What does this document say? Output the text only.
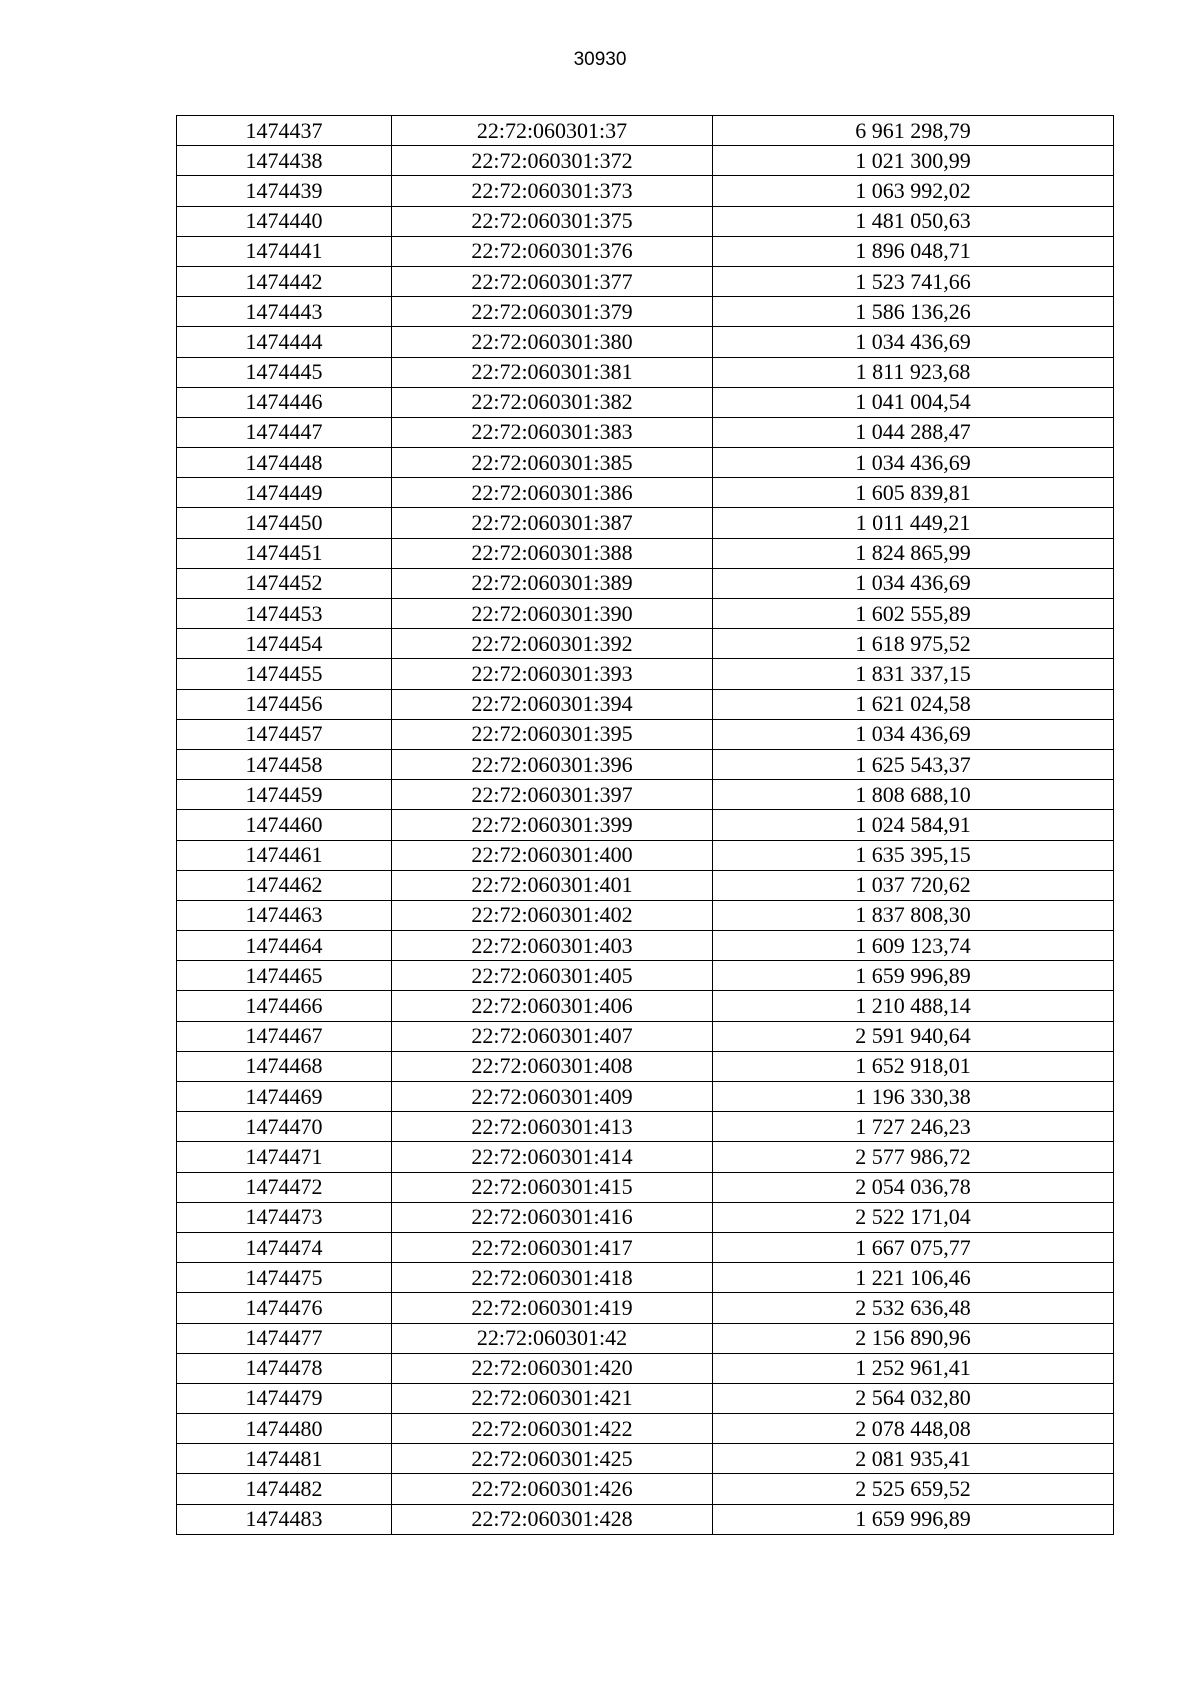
30930
1474437	22:72:060301:37	6 961 298,79
1474438	22:72:060301:372	1 021 300,99
1474439	22:72:060301:373	1 063 992,02
1474440	22:72:060301:375	1 481 050,63
1474441	22:72:060301:376	1 896 048,71
1474442	22:72:060301:377	1 523 741,66
1474443	22:72:060301:379	1 586 136,26
1474444	22:72:060301:380	1 034 436,69
1474445	22:72:060301:381	1 811 923,68
1474446	22:72:060301:382	1 041 004,54
1474447	22:72:060301:383	1 044 288,47
1474448	22:72:060301:385	1 034 436,69
1474449	22:72:060301:386	1 605 839,81
1474450	22:72:060301:387	1 011 449,21
1474451	22:72:060301:388	1 824 865,99
1474452	22:72:060301:389	1 034 436,69
1474453	22:72:060301:390	1 602 555,89
1474454	22:72:060301:392	1 618 975,52
1474455	22:72:060301:393	1 831 337,15
1474456	22:72:060301:394	1 621 024,58
1474457	22:72:060301:395	1 034 436,69
1474458	22:72:060301:396	1 625 543,37
1474459	22:72:060301:397	1 808 688,10
1474460	22:72:060301:399	1 024 584,91
1474461	22:72:060301:400	1 635 395,15
1474462	22:72:060301:401	1 037 720,62
1474463	22:72:060301:402	1 837 808,30
1474464	22:72:060301:403	1 609 123,74
1474465	22:72:060301:405	1 659 996,89
1474466	22:72:060301:406	1 210 488,14
1474467	22:72:060301:407	2 591 940,64
1474468	22:72:060301:408	1 652 918,01
1474469	22:72:060301:409	1 196 330,38
1474470	22:72:060301:413	1 727 246,23
1474471	22:72:060301:414	2 577 986,72
1474472	22:72:060301:415	2 054 036,78
1474473	22:72:060301:416	2 522 171,04
1474474	22:72:060301:417	1 667 075,77
1474475	22:72:060301:418	1 221 106,46
1474476	22:72:060301:419	2 532 636,48
1474477	22:72:060301:42	2 156 890,96
1474478	22:72:060301:420	1 252 961,41
1474479	22:72:060301:421	2 564 032,80
1474480	22:72:060301:422	2 078 448,08
1474481	22:72:060301:425	2 081 935,41
1474482	22:72:060301:426	2 525 659,52
1474483	22:72:060301:428	1 659 996,89
